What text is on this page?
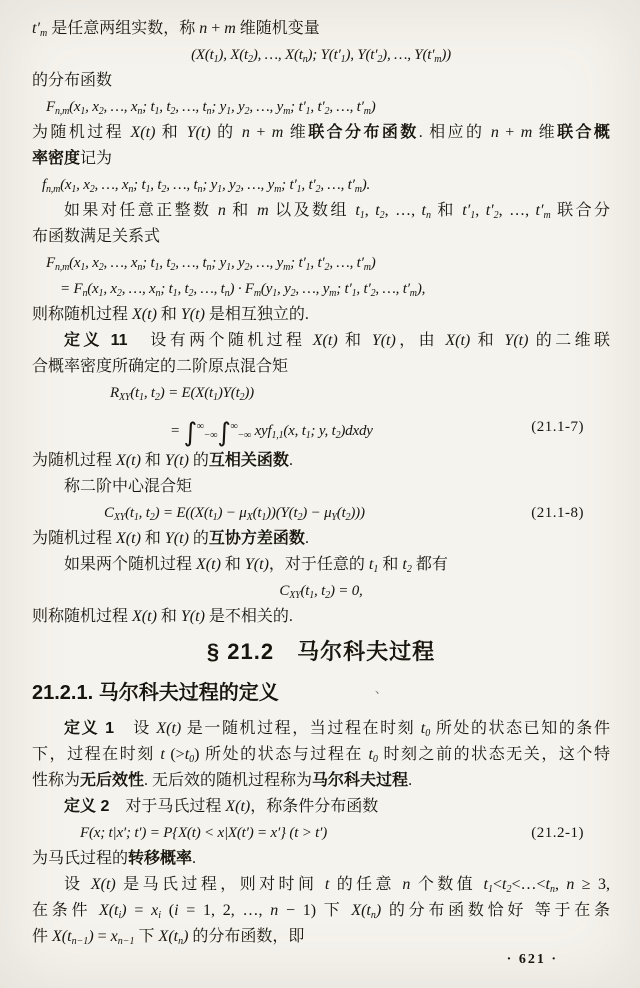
$t'_m$ 是任意两组实数，称 n + m 维随机变量
($X(t_1)$, $X(t_2)$, …, $X(t_n)$; $Y(t'_1)$, $Y(t'_2)$, …, $Y(t'_m)$)
的分布函数
$F_{n,m}(x_1$, $x_2$, …, $x_n$; $t_1$, $t_2$, …, $t_n$; $y_1$, $y_2$, …, $y_m$; $t'_1$, $t'_2$, …, $t'_m$)
为随机过程 X(t) 和 Y(t) 的 n + m 维联合分布函数. 相应的 n + m 维联合概
率密度记为
$f_{n,m}(x_1$, $x_2$, …, $x_n$; $t_1$, $t_2$, …, $t_n$; $y_1$, $y_2$, …, $y_m$; $t'_1$, $t'_2$, …, $t'_m$).
如果对任意正整数 n 和 m 以及数组 $t_1$, $t_2$, …, $t_n$ 和 $t'_1$, $t'_2$, …, $t'_m$ 联合分
布函数满足关系式
$F_{n,m}(x_1$, $x_2$, …, $x_n$; $t_1$, $t_2$, …, $t_n$; $y_1$, $y_2$, …, $y_m$; $t'_1$, $t'_2$, …, $t'_m$)
= $F_n(x_1$, $x_2$, …, $x_n$; $t_1$, $t_2$, …, $t_n) \cdot F_m(y_1$, $y_2$, …, $y_m$; $t'_1$, $t'_2$, …, $t'_m$),
则称随机过程 X(t) 和 Y(t) 是相互独立的.
定义 11　设有两个随机过程 X(t) 和 Y(t)，由 X(t) 和 Y(t) 的二维联
合概率密度所确定的二阶原点混合矩
$R_{XY}(t_1$, $t_2) = E(X(t_1)Y(t_2))$
= $\int^\infty_{-\infty}\int^\infty_{-\infty}$ xyf$_{1,1}$(x, $t_1$; y, $t_2)dxdy$	(21.1-7)
为随机过程 X(t) 和 Y(t) 的互相关函数.
称二阶中心混合矩
$C_{XY}(t_1$, $t_2) = E((X(t_1) - \mu_X(t_1))(Y(t_2) - \mu_Y(t_2)))$	(21.1-8)
为随机过程 X(t) 和 Y(t) 的互协方差函数.
如果两个随机过程 X(t) 和 Y(t)，对于任意的 $t_1$ 和 $t_2$ 都有
$C_{XY}(t_1$, $t_2) = 0$,
则称随机过程 X(t) 和 Y(t) 是不相关的.
§ 21.2　马尔科夫过程
21.2.1. 马尔科夫过程的定义	、
定义 1　设 X(t) 是一随机过程，当过程在时刻 $t_0$ 所处的状态已知的条件
下，过程在时刻 t $(>t_0)$ 所处的状态与过程在 $t_0$ 时刻之前的状态无关，这个特
性称为无后效性. 无后效的随机过程称为马尔科夫过程.
定义 2　对于马氏过程 X(t)，称条件分布函数
F(x; t|x′; t′) = P{X(t) < x|X(t′) = x′} (t > t′)	(21.2-1)
为马氏过程的转移概率.
设 X(t) 是马氏过程，则对时间 t 的任意 n 个数值 $t_1<t_2<\dots<t_n$, n ≥ 3,
在条件 $X(t_i) = x_i$ (i = 1, 2, …, n − 1) 下 $X(t_n)$ 的分布函数恰好 等于在条
件 $X(t_{n-1}) = x_{n-1}$ 下 $X(t_n)$ 的分布函数，即
· 621 ·
